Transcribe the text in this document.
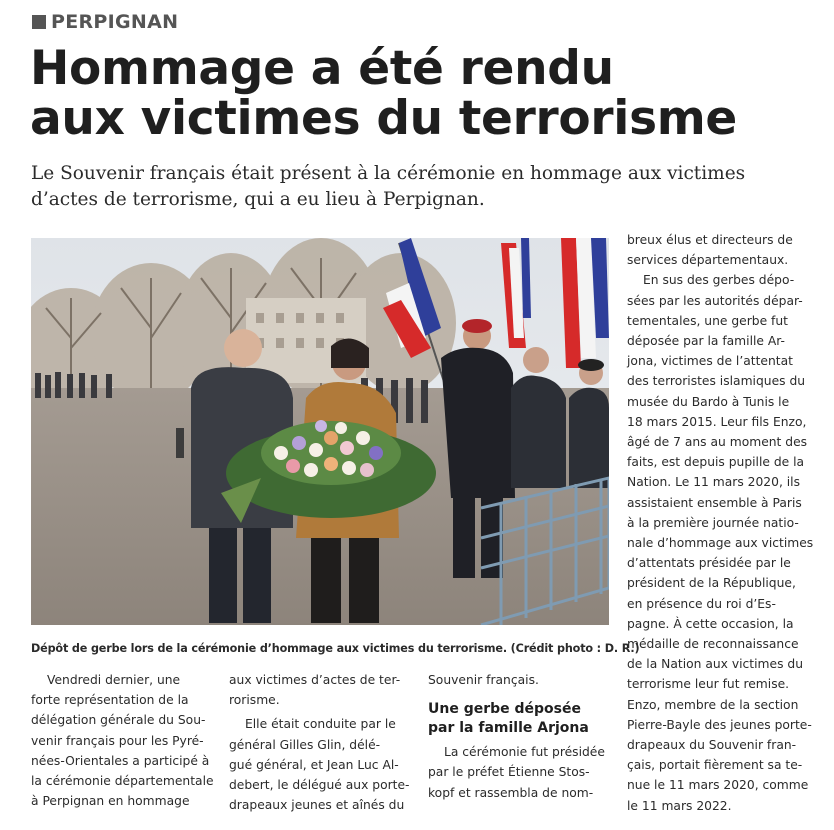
PERPIGNAN
Hommage a été rendu
aux victimes du terrorisme
Le Souvenir français était présent à la cérémonie en hommage aux victimes
d’actes de terrorisme, qui a eu lieu à Perpignan.
Dépôt de gerbe lors de la cérémonie d’hommage aux victimes du terrorisme. (Crédit photo : D. R.)

Vendredi dernier, une
forte représentation de la
délégation générale du Sou-
venir français pour les Pyré-
nées-Orientales a participé à
la cérémonie départementale
à Perpignan en hommage

aux victimes d’actes de ter-
rorisme.
Elle était conduite par le
général Gilles Glin, délé-
gué général, et Jean Luc Al-
debert, le délégué aux porte-
drapeaux jeunes et aînés du

Souvenir français.

Une gerbe déposée
par la famille Arjona

La cérémonie fut présidée
par le préfet Étienne Stos-
kopf et rassembla de nom-

breux élus et directeurs de
services départementaux.
En sus des gerbes dépo-
sées par les autorités dépar-
tementales, une gerbe fut
déposée par la famille Ar-
jona, victimes de l’attentat
des terroristes islamiques du
musée du Bardo à Tunis le
18 mars 2015. Leur fils Enzo,
âgé de 7 ans au moment des
faits, est depuis pupille de la
Nation. Le 11 mars 2020, ils
assistaient ensemble à Paris
à la première journée natio-
nale d’hommage aux victimes
d’attentats présidée par le
président de la République,
en présence du roi d’Es-
pagne. À cette occasion, la
médaille de reconnaissance
de la Nation aux victimes du
terrorisme leur fut remise.
Enzo, membre de la section
Pierre-Bayle des jeunes porte-
drapeaux du Souvenir fran-
çais, portait fièrement sa te-
nue le 11 mars 2020, comme
le 11 mars 2022.
